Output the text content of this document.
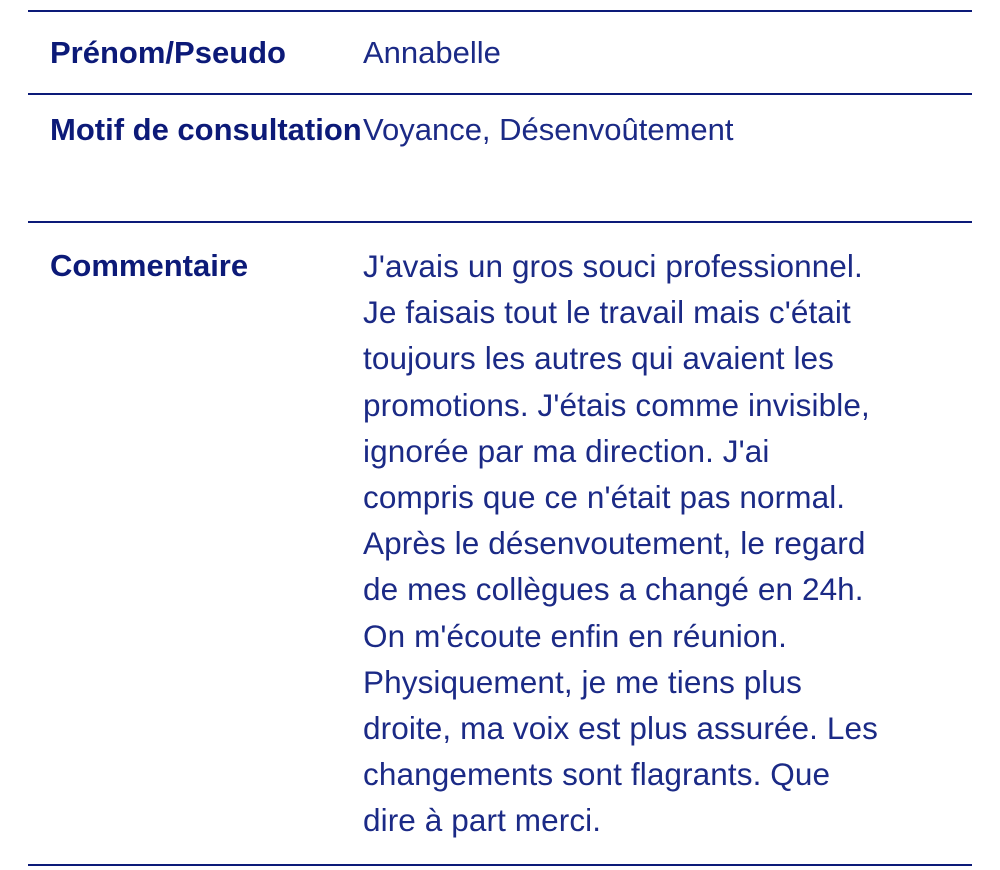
Prénom/Pseudo	Annabelle
Motif de consultation Voyance, Désenvoûtement
Commentaire	J'avais un gros souci professionnel.
Je faisais tout le travail mais c'était
toujours les autres qui avaient les
promotions. J'étais comme invisible,
ignorée par ma direction. J'ai
compris que ce n'était pas normal.
Après le désenvoutement, le regard
de mes collègues a changé en 24h.
On m'écoute enfin en réunion.
Physiquement, je me tiens plus
droite, ma voix est plus assurée. Les
changements sont flagrants. Que
dire à part merci.
